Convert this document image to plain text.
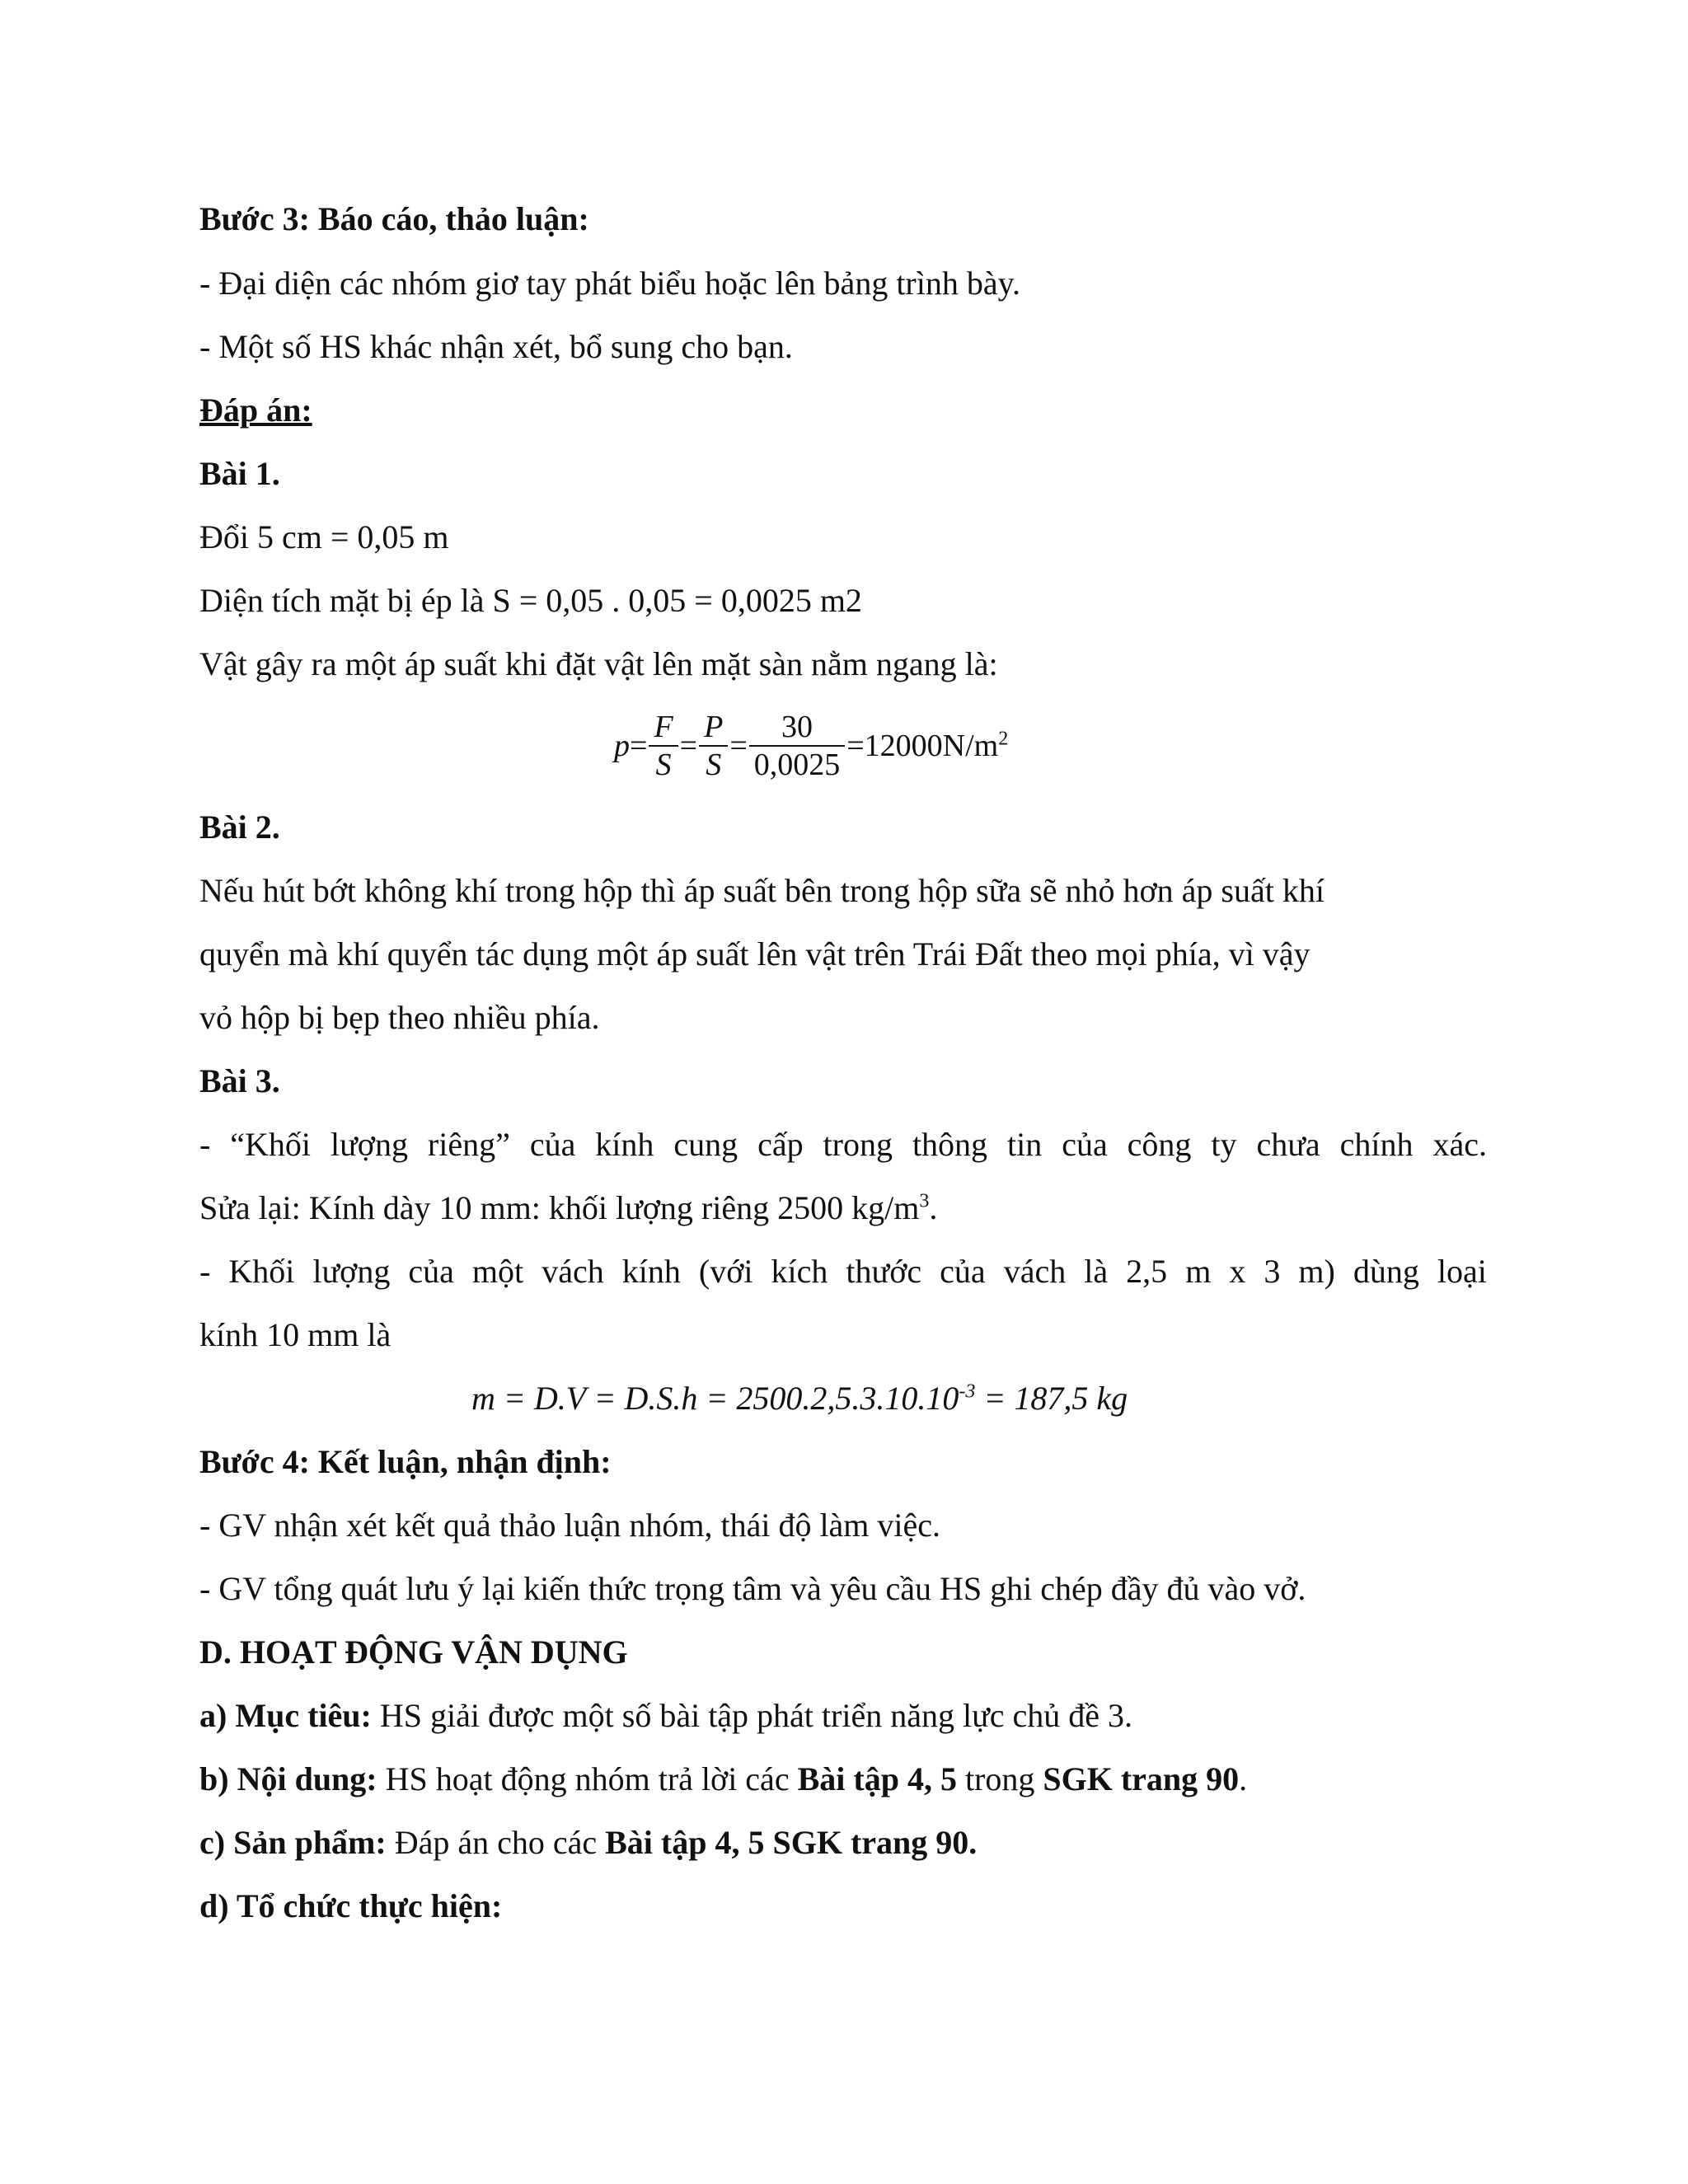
Bước 3: Báo cáo, thảo luận:
- Đại diện các nhóm giơ tay phát biểu hoặc lên bảng trình bày.
- Một số HS khác nhận xét, bổ sung cho bạn.
Đáp án:
Bài 1.
Đổi 5 cm = 0,05 m
Diện tích mặt bị ép là S = 0,05 . 0,05 = 0,0025 m2
Vật gây ra một áp suất khi đặt vật lên mặt sàn nằm ngang là:
$p = \frac{F}{S} = \frac{P}{S} = \frac{30}{0,0025} =12000N/m^2$
Bài 2.
Nếu hút bớt không khí trong hộp thì áp suất bên trong hộp sữa sẽ nhỏ hơn áp suất khí
quyển mà khí quyển tác dụng một áp suất lên vật trên Trái Đất theo mọi phía, vì vậy
vỏ hộp bị bẹp theo nhiều phía.
Bài 3.
- “Khối lượng riêng” của kính cung cấp trong thông tin của công ty chưa chính xác.
Sửa lại: Kính dày 10 mm: khối lượng riêng 2500 $kg/m^3$.
- Khối lượng của một vách kính (với kích thước của vách là 2,5 m x 3 m) dùng loại
kính 10 mm là
$m = D.V = D.S.h = 2500.2,5.3.10.10^{-3} = 187,5$ kg
Bước 4: Kết luận, nhận định:
- GV nhận xét kết quả thảo luận nhóm, thái độ làm việc.
- GV tổng quát lưu ý lại kiến thức trọng tâm và yêu cầu HS ghi chép đầy đủ vào vở.
D. HOẠT ĐỘNG VẬN DỤNG
a) Mục tiêu: HS giải được một số bài tập phát triển năng lực chủ đề 3.
b) Nội dung: HS hoạt động nhóm trả lời các Bài tập 4, 5 trong SGK trang 90.
c) Sản phẩm: Đáp án cho các Bài tập 4, 5 SGK trang 90.
d) Tổ chức thực hiện:
